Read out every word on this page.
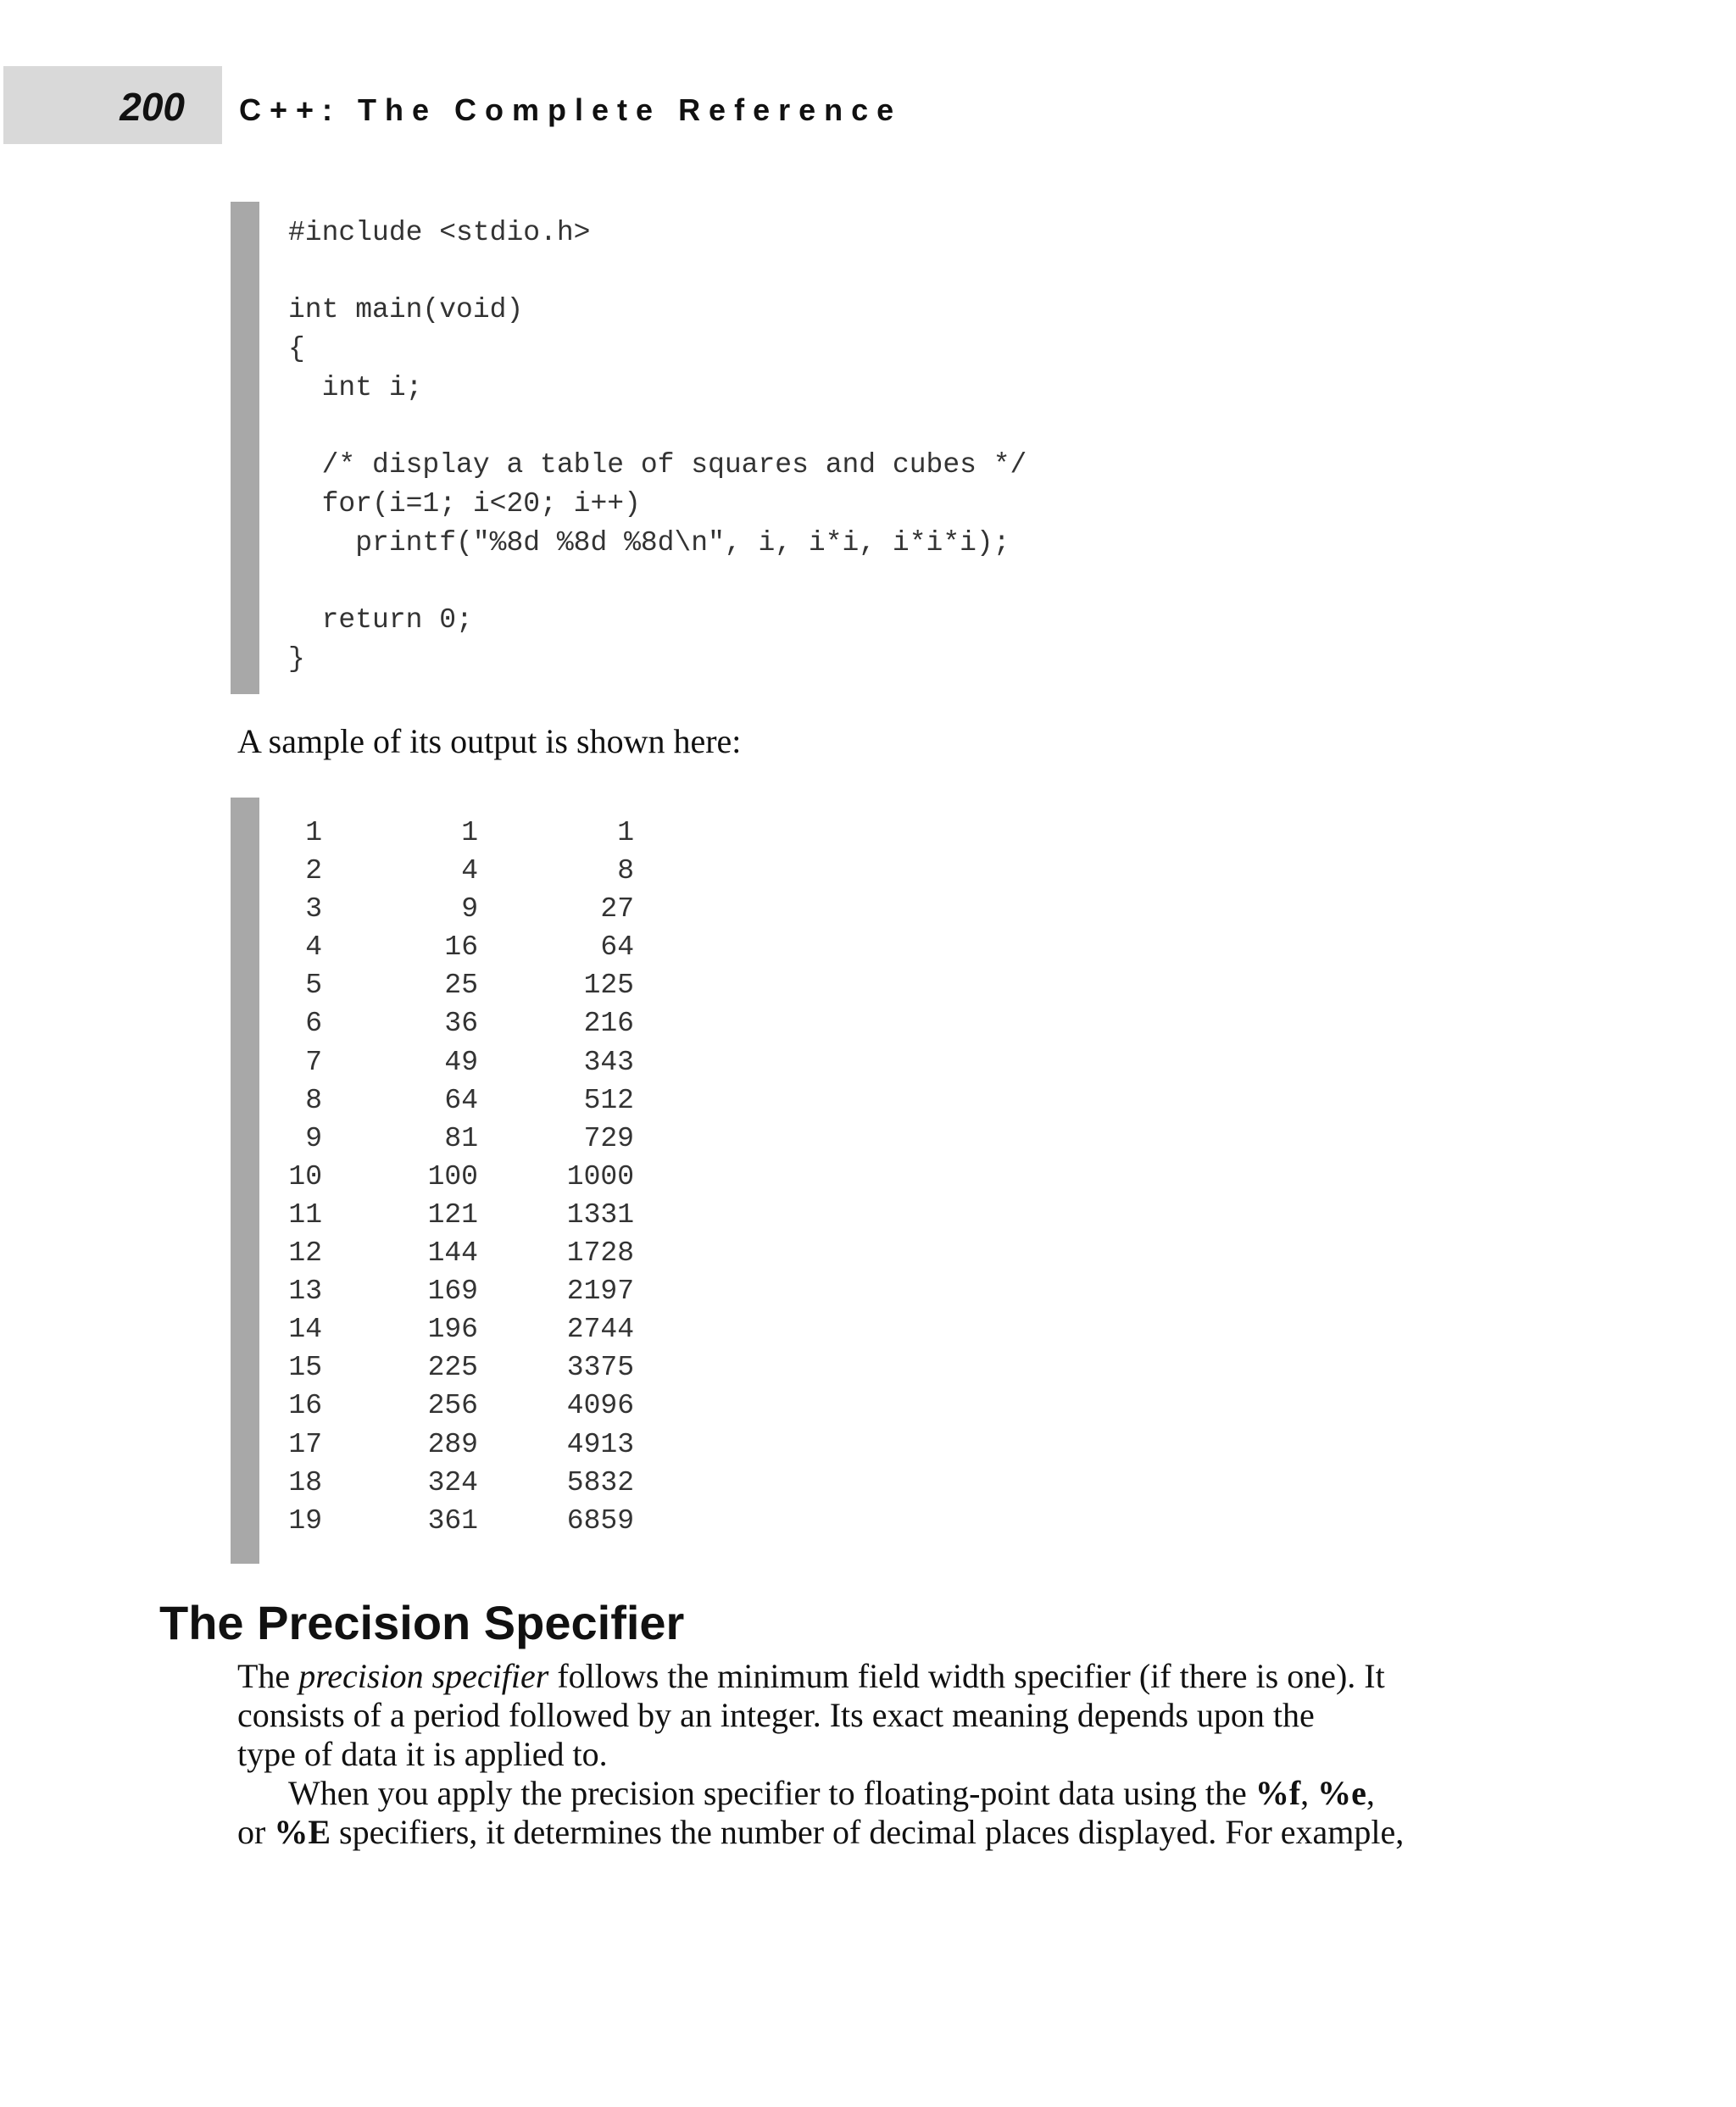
200 C++: The Complete Reference
#include <stdio.h>
int main(void)
{
int i;
/* display a table of squares and cubes */
for(i=1; i<20; i++)
printf("%8d %8d %8d\n", i, i*i, i*i*i);
return 0;
}
A sample of its output is shown here:
1	1	1
2	4	8
3	9	27
4	16	64
5	25	125
6	36	216
7	49	343
8	64	512
9	81	729
10	100	1000
11	121	1331
12	144	1728
13	169	2197
14	196	2744
15	225	3375
16	256	4096
17	289	4913
18	324	5832
19	361	6859
The Precision Specifier
The precision specifier follows the minimum field width specifier (if there is one). It
consists of a period followed by an integer. Its exact meaning depends upon the
type of data it is applied to.
When you apply the precision specifier to floating-point data using the %f, %e,
or %E specifiers, it determines the number of decimal places displayed. For example,
